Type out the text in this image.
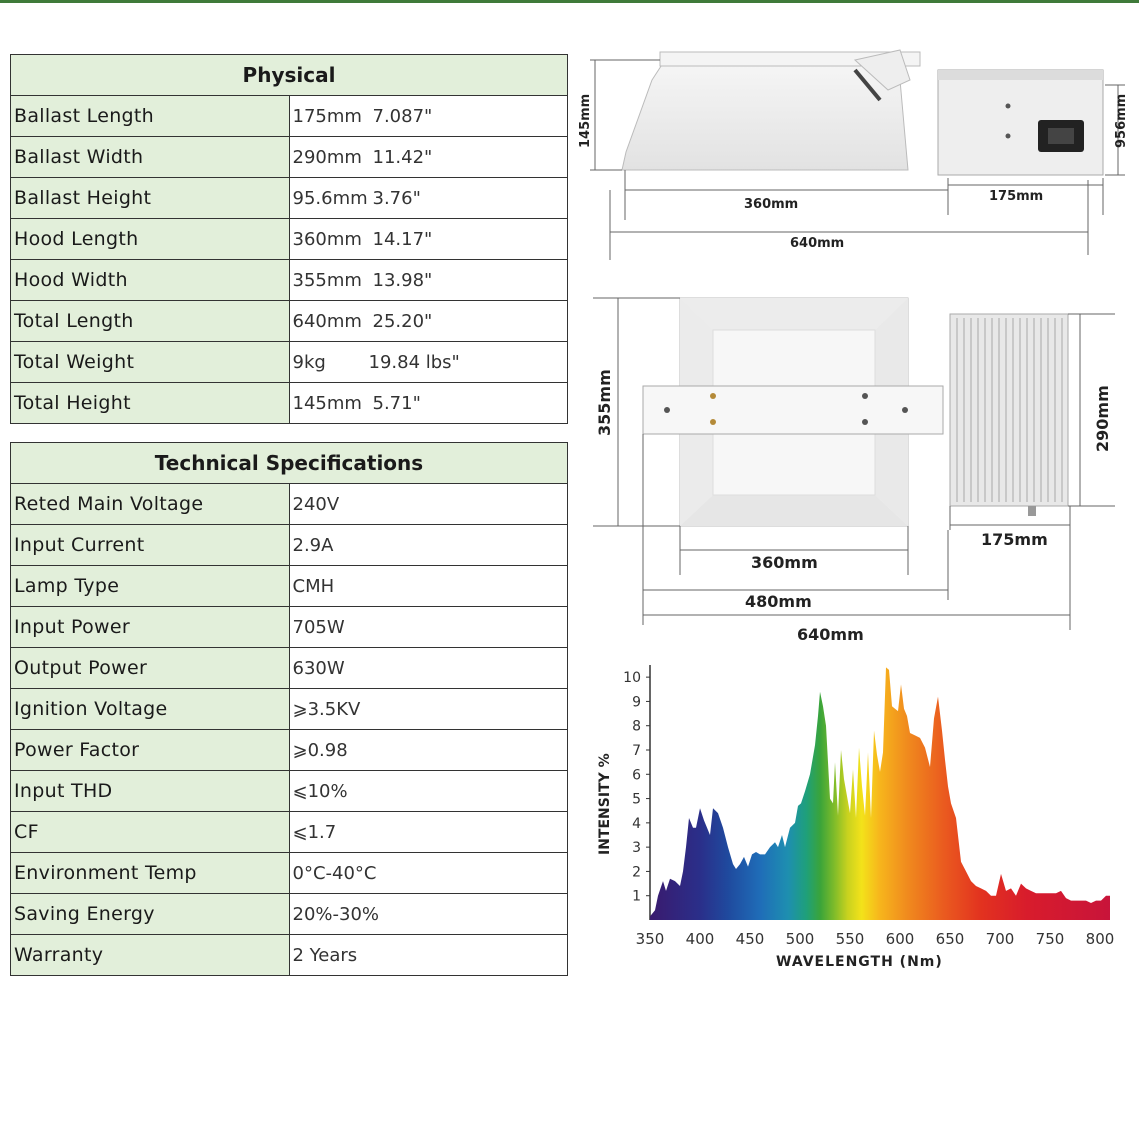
Physical	
Ballast Length	175mm 7.087"
Ballast Width	290mm 11.42"
Ballast Height	95.6mm 3.76"
Hood Length	360mm 14.17"
Hood Width	355mm 13.98"
Total Length	640mm 25.20"
Total Weight	9kg 19.84 lbs"
Total Height	145mm 5.71"
Technical Specifications	
Reted Main Voltage	240V
Input Current	2.9A
Lamp Type	CMH
Input Power	705W
Output Power	630W
Ignition Voltage	⩾3.5KV
Power Factor	⩾0.98
Input THD	⩽10%
CF	⩽1.7
Environment Temp	0°C-40°C
Saving Energy	20%-30%
Warranty	2 Years
145mm	956mm
360mm
175mm
640mm
355mm	290mm
360mm
175mm
480mm
640mm
1
2
3
4
5
6
7
8
9
10
350 400 450 500 550 600 650 700 750 800
WAVELENGTH (Nm)
INTENSITY %
